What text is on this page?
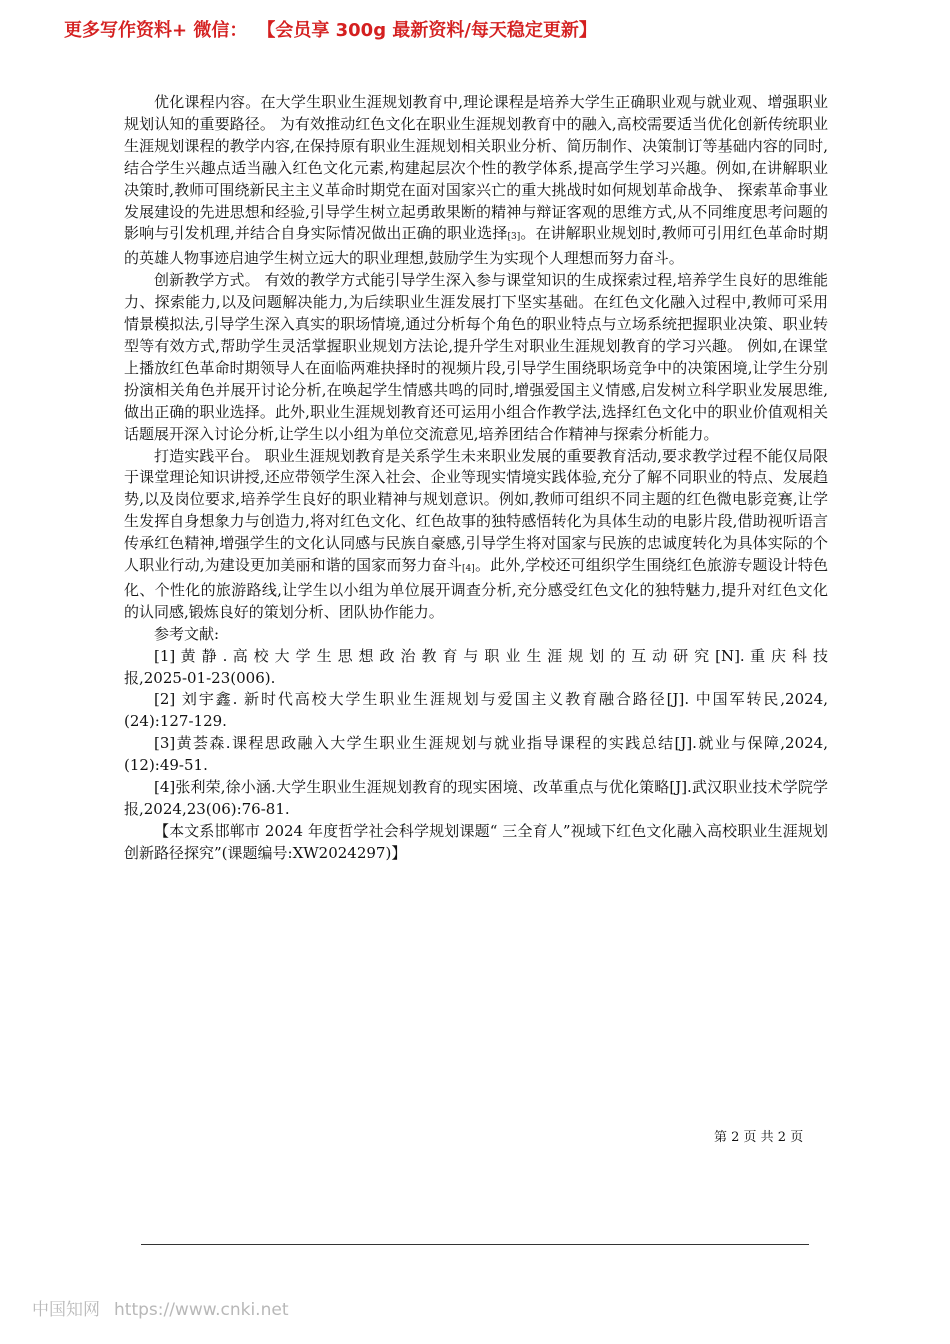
更多写作资料+ 微信： 【会员享 300g 最新资料/每天稳定更新】

优化课程内容。在大学生职业生涯规划教育中,理论课程是培养大学生正确职业观与就业观、增强职业规划认知的重要路径。 为有效推动红色文化在职业生涯规划教育中的融入,高校需要适当优化创新传统职业生涯规划课程的教学内容,在保持原有职业生涯规划相关职业分析、简历制作、决策制订等基础内容的同时,结合学生兴趣点适当融入红色文化元素,构建起层次个性的教学体系,提高学生学习兴趣。例如,在讲解职业决策时,教师可围绕新民主主义革命时期党在面对国家兴亡的重大挑战时如何规划革命战争、 探索革命事业发展建设的先进思想和经验,引导学生树立起勇敢果断的精神与辩证客观的思维方式,从不同维度思考问题的影响与引发机理,并结合自身实际情况做出正确的职业选择[3]。在讲解职业规划时,教师可引用红色革命时期的英雄人物事迹启迪学生树立远大的职业理想,鼓励学生为实现个人理想而努力奋斗。

创新教学方式。 有效的教学方式能引导学生深入参与课堂知识的生成探索过程,培养学生良好的思维能力、探索能力,以及问题解决能力,为后续职业生涯发展打下坚实基础。在红色文化融入过程中,教师可采用情景模拟法,引导学生深入真实的职场情境,通过分析每个角色的职业特点与立场系统把握职业决策、职业转型等有效方式,帮助学生灵活掌握职业规划方法论,提升学生对职业生涯规划教育的学习兴趣。 例如,在课堂上播放红色革命时期领导人在面临两难抉择时的视频片段,引导学生围绕职场竞争中的决策困境,让学生分别扮演相关角色并展开讨论分析,在唤起学生情感共鸣的同时,增强爱国主义情感,启发树立科学职业发展思维,做出正确的职业选择。此外,职业生涯规划教育还可运用小组合作教学法,选择红色文化中的职业价值观相关话题展开深入讨论分析,让学生以小组为单位交流意见,培养团结合作精神与探索分析能力。

打造实践平台。 职业生涯规划教育是关系学生未来职业发展的重要教育活动,要求教学过程不能仅局限于课堂理论知识讲授,还应带领学生深入社会、企业等现实情境实践体验,充分了解不同职业的特点、发展趋势,以及岗位要求,培养学生良好的职业精神与规划意识。例如,教师可组织不同主题的红色微电影竞赛,让学生发挥自身想象力与创造力,将对红色文化、红色故事的独特感悟转化为具体生动的电影片段,借助视听语言传承红色精神,增强学生的文化认同感与民族自豪感,引导学生将对国家与民族的忠诚度转化为具体实际的个人职业行动,为建设更加美丽和谐的国家而努力奋斗[4]。此外,学校还可组织学生围绕红色旅游专题设计特色化、个性化的旅游路线,让学生以小组为单位展开调查分析,充分感受红色文化的独特魅力,提升对红色文化的认同感,锻炼良好的策划分析、团队协作能力。

参考文献:

[1] 黄 静 . 高 校 大 学 生 思 想 政 治 教 育 与 职 业 生 涯 规 划 的 互 动 研 究 [N]. 重 庆 科 技报,2025-01-23(006).

[2] 刘宇鑫. 新时代高校大学生职业生涯规划与爱国主义教育融合路径[J]. 中国军转民,2024,(24):127-129.

[3]黄荟森.课程思政融入大学生职业生涯规划与就业指导课程的实践总结[J].就业与保障,2024,(12):49-51.

[4]张利荣,徐小涵.大学生职业生涯规划教育的现实困境、改革重点与优化策略[J].武汉职业技术学院学报,2024,23(06):76-81.

【本文系邯郸市 2024 年度哲学社会科学规划课题“ 三全育人”视域下红色文化融入高校职业生涯规划创新路径探究”(课题编号:XW2024297)】

第 2 页 共 2 页
中国知网 https://www.cnki.net
